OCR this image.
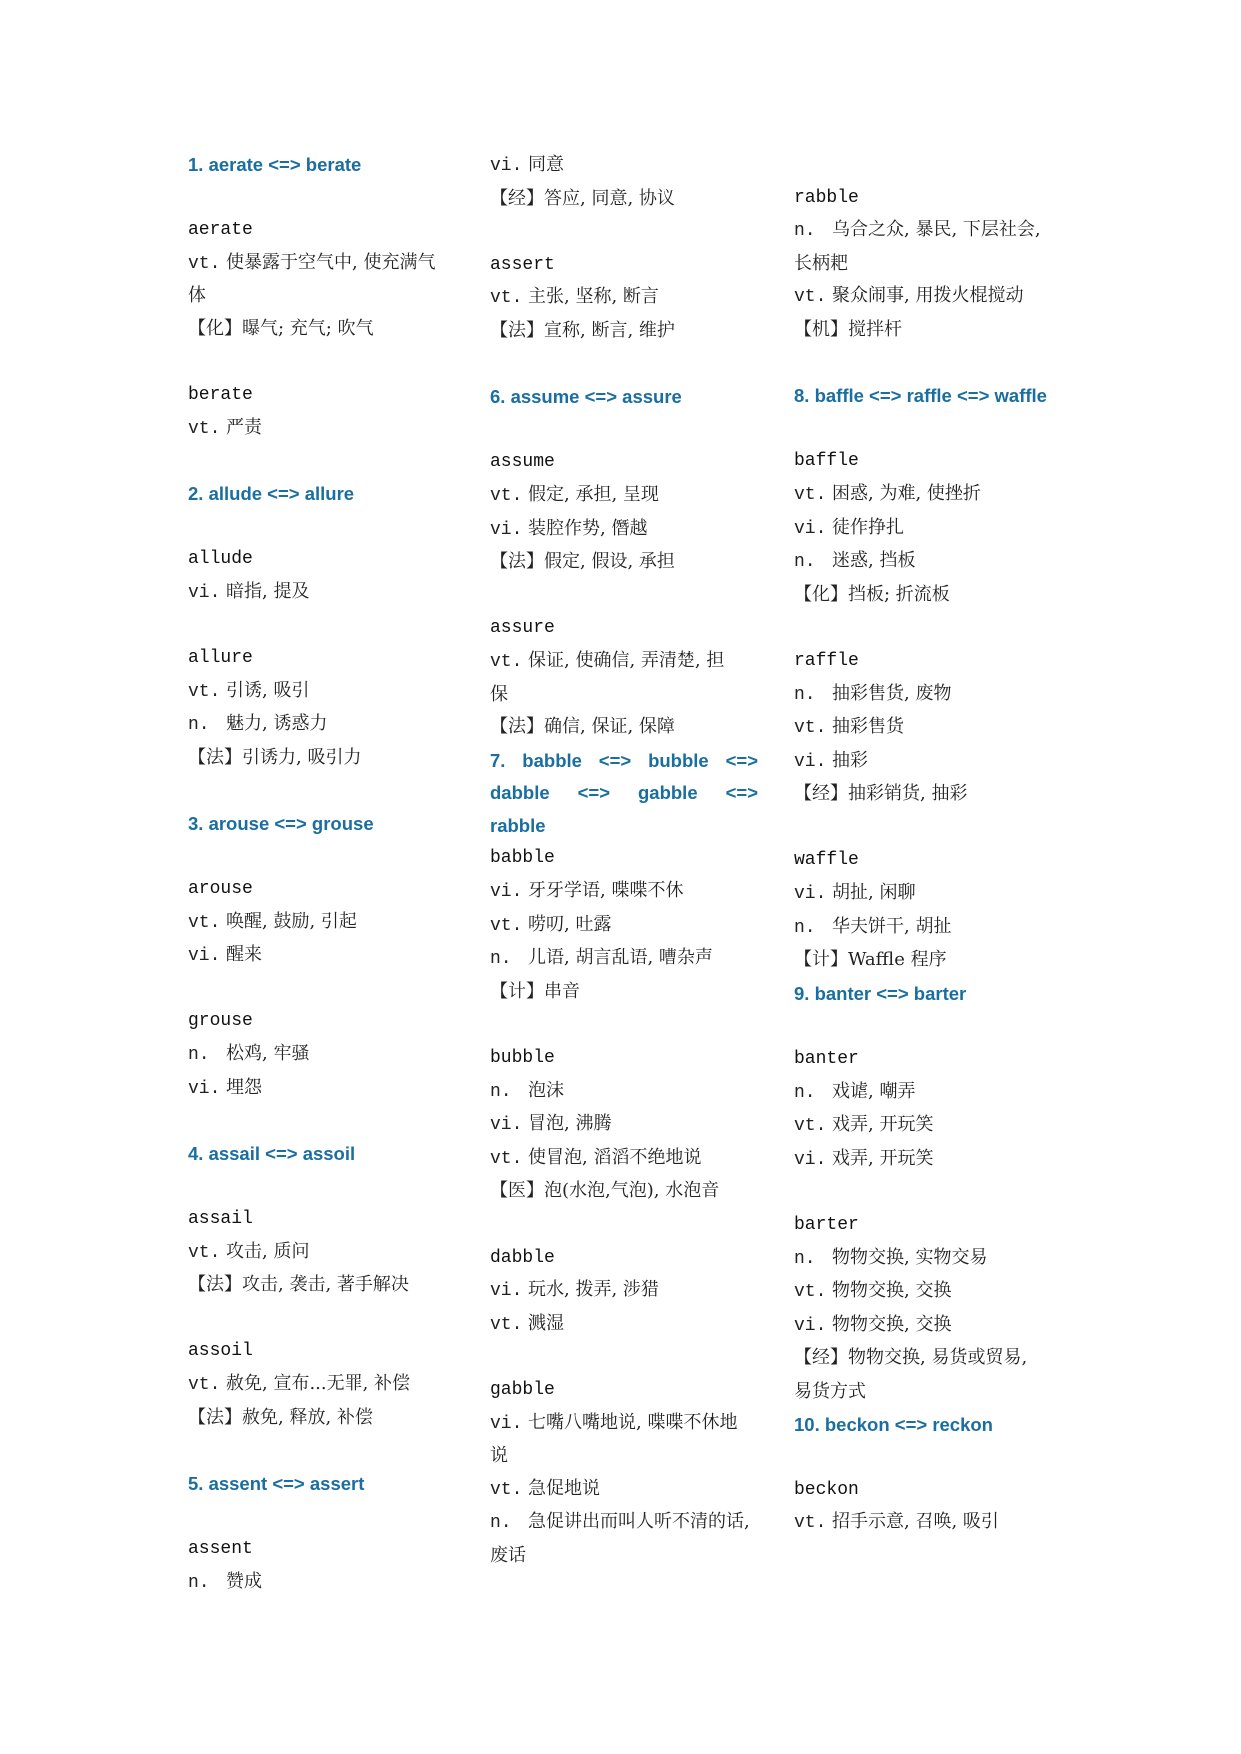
1. aerate <=> berate
aerate
vt. 使暴露于空气中, 使充满气
体
【化】曝气; 充气; 吹气
berate
vt. 严责
2. allude <=> allure
allude
vi. 暗指, 提及
allure
vt. 引诱, 吸引
n. 魅力, 诱惑力
【法】引诱力, 吸引力
3. arouse <=> grouse
arouse
vt. 唤醒, 鼓励, 引起
vi. 醒来
grouse
n. 松鸡, 牢骚
vi. 埋怨
4. assail <=> assoil
assail
vt. 攻击, 质问
【法】攻击, 袭击, 著手解决
assoil
vt. 赦免, 宣布...无罪, 补偿
【法】赦免, 释放, 补偿
5. assent <=> assert
assent
n. 赞成
vi. 同意
【经】答应, 同意, 协议
assert
vt. 主张, 坚称, 断言
【法】宣称, 断言, 维护
6. assume <=> assure
assume
vt. 假定, 承担, 呈现
vi. 装腔作势, 僭越
【法】假定, 假设, 承担
assure
vt. 保证, 使确信, 弄清楚, 担
保
【法】确信, 保证, 保障
7. babble <=> bubble <=> dabble <=> gabble <=> rabble
babble
vi. 牙牙学语, 喋喋不休
vt. 唠叨, 吐露
n. 儿语, 胡言乱语, 嘈杂声
【计】串音
bubble
n. 泡沫
vi. 冒泡, 沸腾
vt. 使冒泡, 滔滔不绝地说
【医】泡(水泡,气泡), 水泡音
dabble
vi. 玩水, 拨弄, 涉猎
vt. 溅湿
gabble
vi. 七嘴八嘴地说, 喋喋不休地
说
vt. 急促地说
n. 急促讲出而叫人听不清的话,
废话
rabble
n. 乌合之众, 暴民, 下层社会,
长柄耙
vt. 聚众闹事, 用拨火棍搅动
【机】搅拌杆
8. baffle <=> raffle <=> waffle
baffle
vt. 困惑, 为难, 使挫折
vi. 徒作挣扎
n. 迷惑, 挡板
【化】挡板; 折流板
raffle
n. 抽彩售货, 废物
vt. 抽彩售货
vi. 抽彩
【经】抽彩销货, 抽彩
waffle
vi. 胡扯, 闲聊
n. 华夫饼干, 胡扯
【计】Waffle 程序
9. banter <=> barter
banter
n. 戏谑, 嘲弄
vt. 戏弄, 开玩笑
vi. 戏弄, 开玩笑
barter
n. 物物交换, 实物交易
vt. 物物交换, 交换
vi. 物物交换, 交换
【经】物物交换, 易货或贸易,
易货方式
10. beckon <=> reckon
beckon
vt. 招手示意, 召唤, 吸引
